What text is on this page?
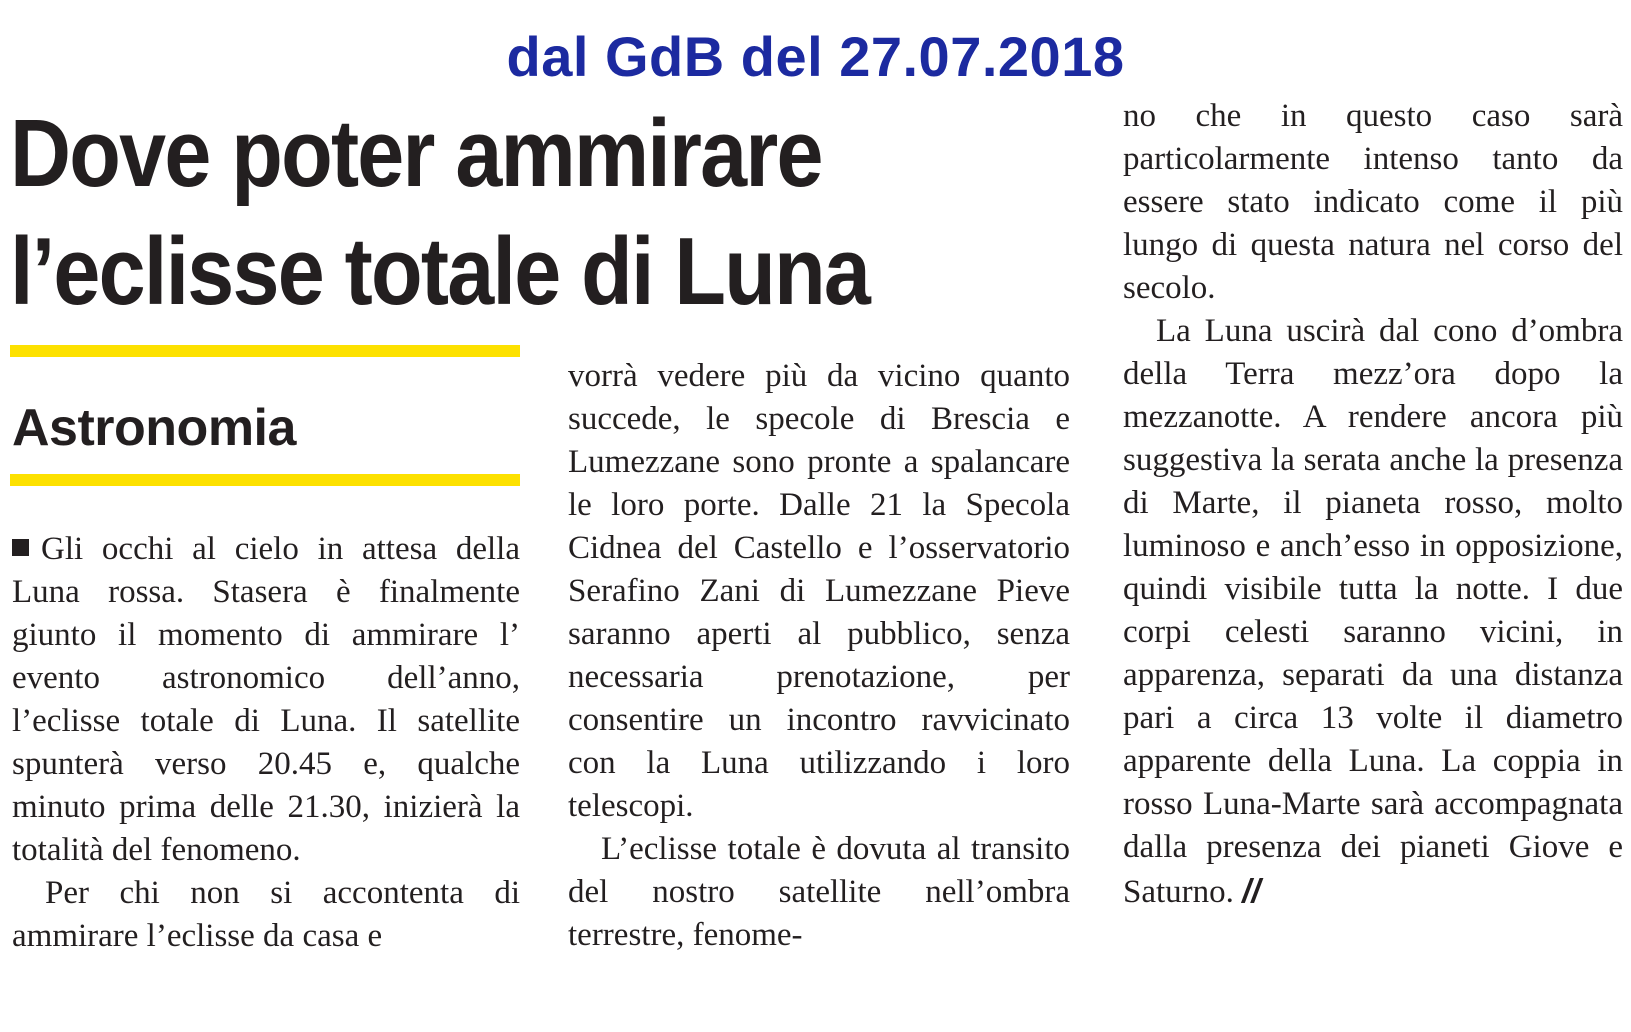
dal GdB del 27.07.2018
Dove poter ammirare
l’eclisse totale di Luna
Astronomia

Gli occhi al cielo in attesa della Luna rossa. Stasera è finalmente giunto il momento di ammirare l’ evento astronomico dell’anno, l’eclisse totale di Luna. Il satellite spunterà verso 20.45 e, qualche minuto prima delle 21.30, inizierà la totalità del fenomeno.

Per chi non si accontenta di ammirare l’eclisse da casa e

vorrà vedere più da vicino quanto succede, le specole di Brescia e Lumezzane sono pronte a spalancare le loro porte. Dalle 21 la Specola Cidnea del Castello e l’osservatorio Serafino Zani di Lumezzane Pieve saranno aperti al pubblico, senza necessaria prenotazione, per consentire un incontro ravvicinato con la Luna utilizzando i loro telescopi.

L’eclisse totale è dovuta al transito del nostro satellite nell’ombra terrestre, fenome-

no che in questo caso sarà particolarmente intenso tanto da essere stato indicato come il più lungo di questa natura nel corso del secolo.

La Luna uscirà dal cono d’ombra della Terra mezz’ora dopo la mezzanotte. A rendere ancora più suggestiva la serata anche la presenza di Marte, il pianeta rosso, molto luminoso e anch’esso in opposizione, quindi visibile tutta la notte. I due corpi celesti saranno vicini, in apparenza, separati da una distanza pari a circa 13 volte il diametro apparente della Luna. La coppia in rosso Luna-Marte sarà accompagnata dalla presenza dei pianeti Giove e Saturno. //
